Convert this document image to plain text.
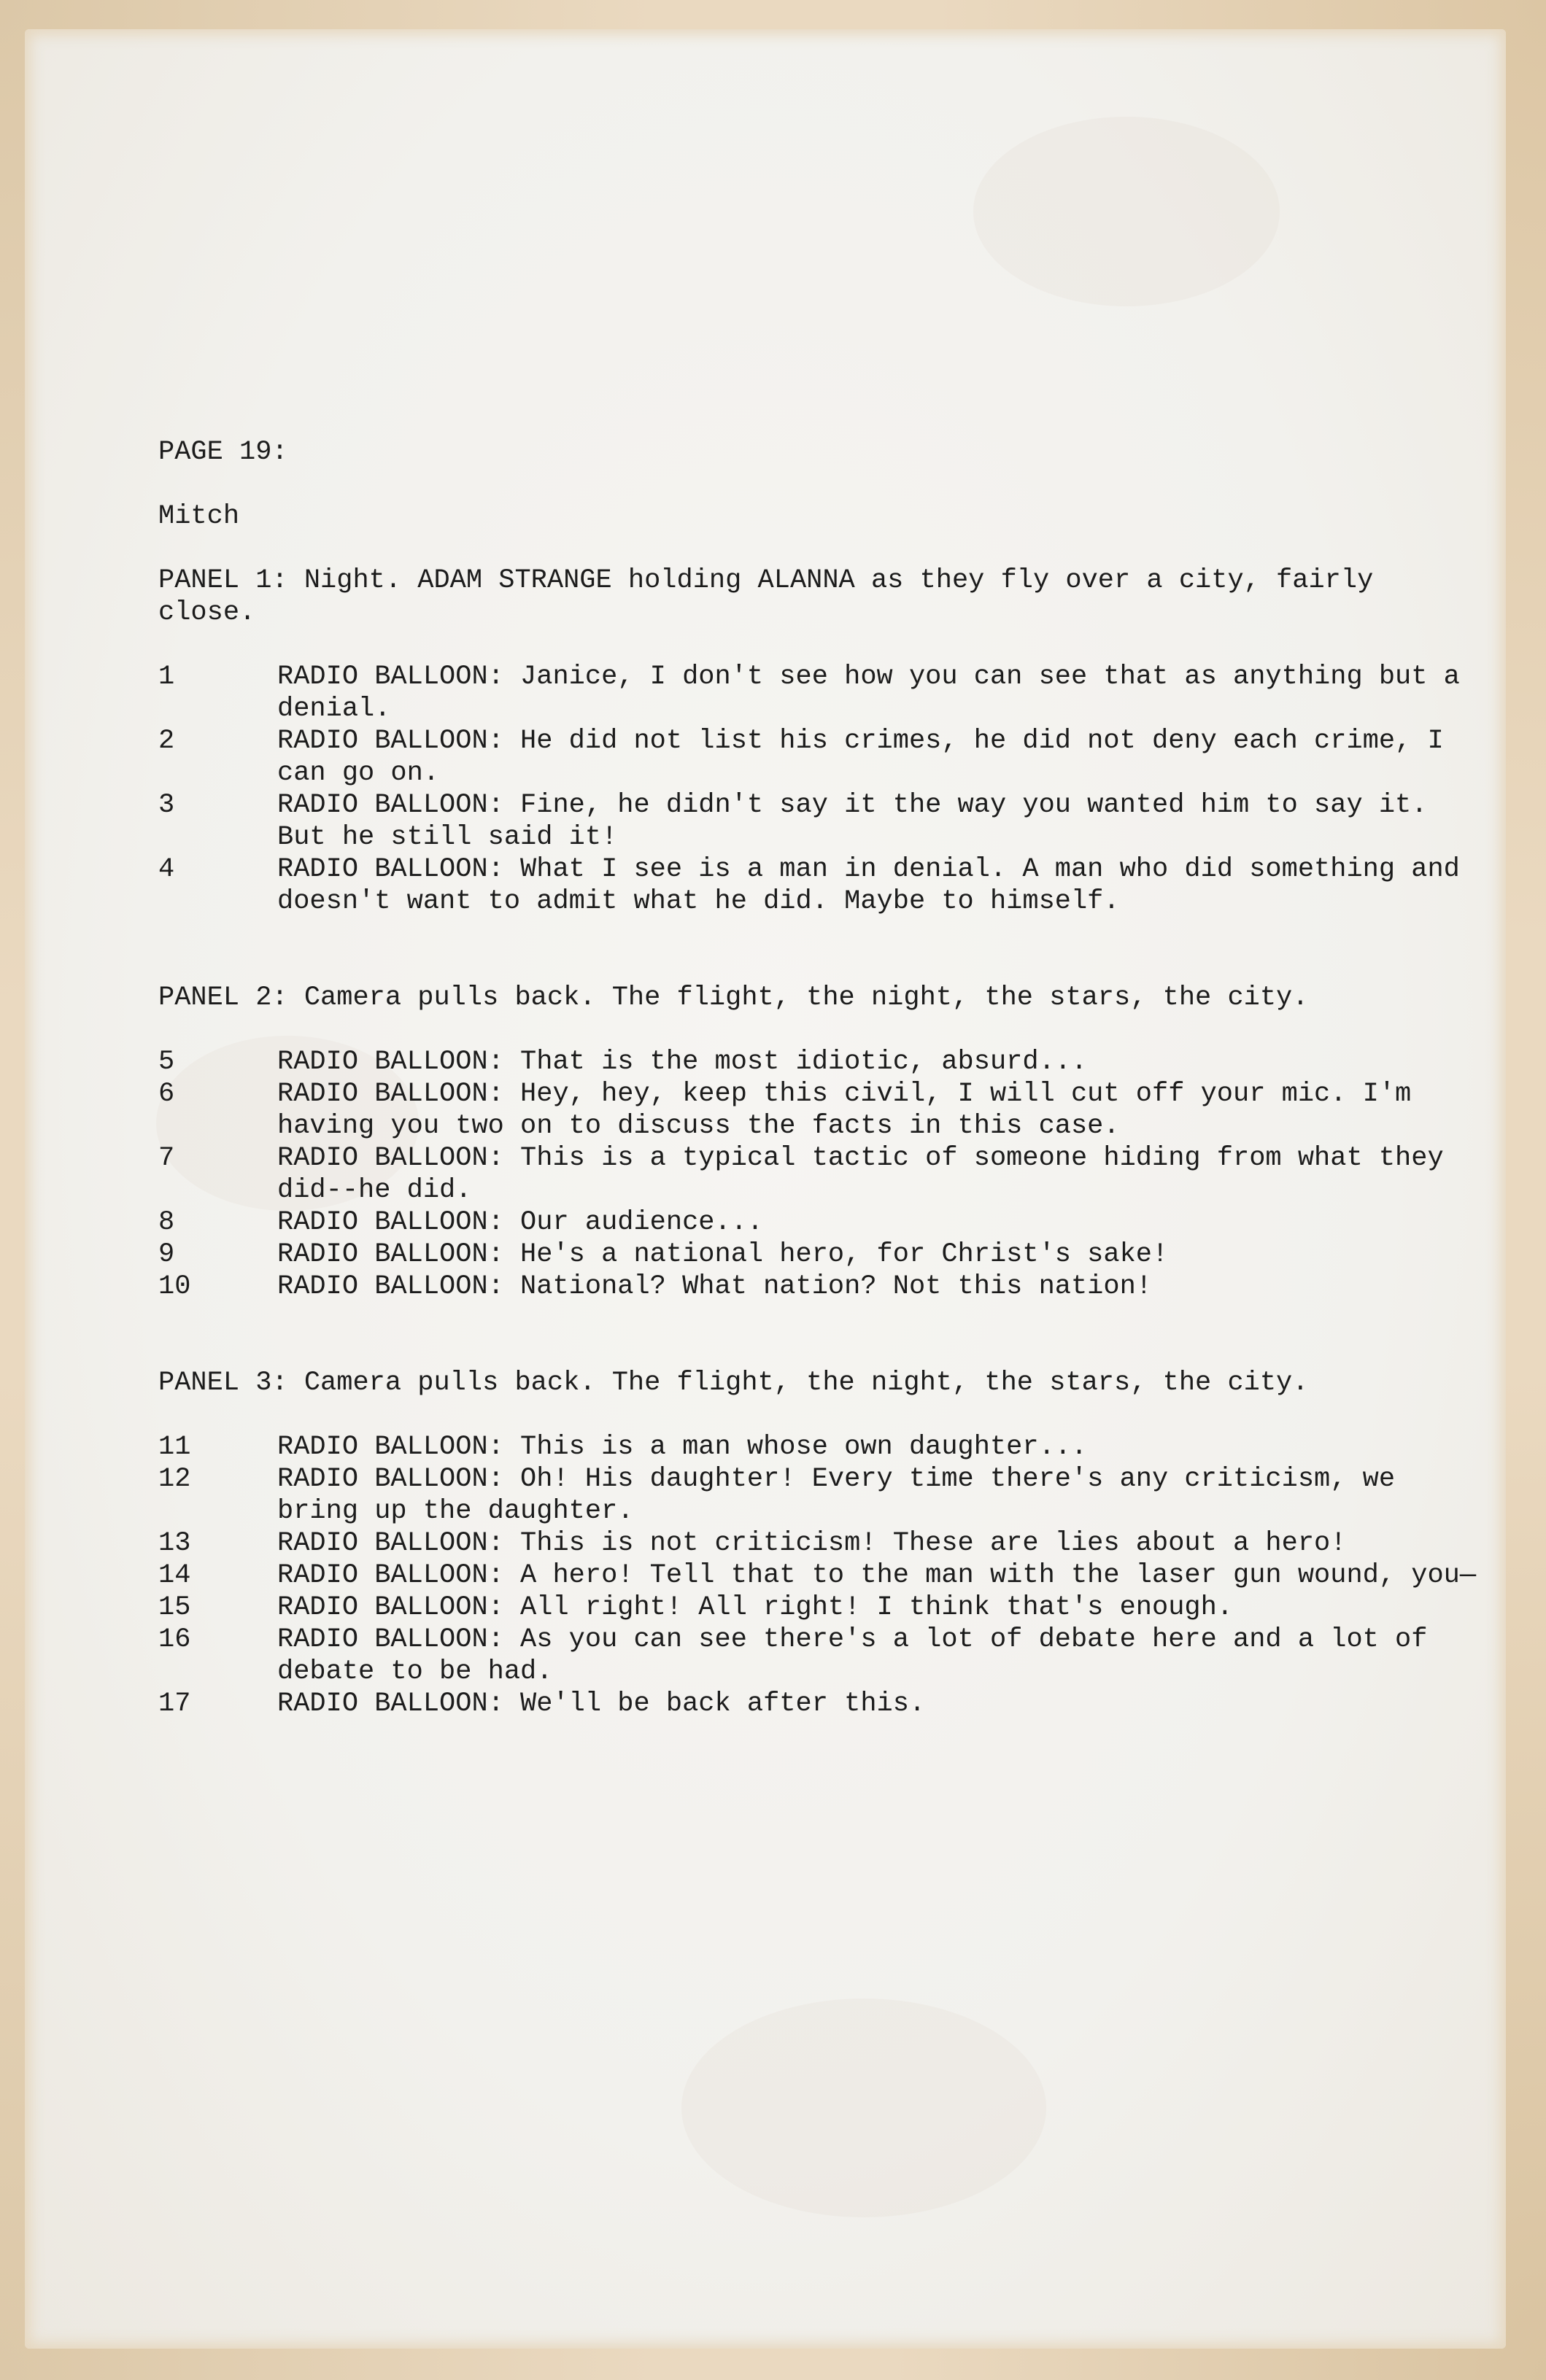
PAGE 19:

Mitch

PANEL 1: Night. ADAM STRANGE holding ALANNA as they fly over a city, fairly close.

1	RADIO BALLOON: Janice, I don't see how you can see that as anything but a denial.
2	RADIO BALLOON: He did not list his crimes, he did not deny each crime, I can go on.
3	RADIO BALLOON: Fine, he didn't say it the way you wanted him to say it. But he still said it!
4	RADIO BALLOON: What I see is a man in denial. A man who did something and doesn't want to admit what he did. Maybe to himself.

PANEL 2: Camera pulls back. The flight, the night, the stars, the city.

5	RADIO BALLOON: That is the most idiotic, absurd...
6	RADIO BALLOON: Hey, hey, keep this civil, I will cut off your mic. I'm having you two on to discuss the facts in this case.
7	RADIO BALLOON: This is a typical tactic of someone hiding from what they did--he did.
8	RADIO BALLOON: Our audience...
9	RADIO BALLOON: He's a national hero, for Christ's sake!
10	RADIO BALLOON: National? What nation? Not this nation!

PANEL 3: Camera pulls back. The flight, the night, the stars, the city.

11	RADIO BALLOON: This is a man whose own daughter...
12	RADIO BALLOON: Oh! His daughter! Every time there's any criticism, we bring up the daughter.
13	RADIO BALLOON: This is not criticism! These are lies about a hero!
14	RADIO BALLOON: A hero! Tell that to the man with the laser gun wound, you—
15	RADIO BALLOON: All right! All right! I think that's enough.
16	RADIO BALLOON: As you can see there's a lot of debate here and a lot of debate to be had.
17	RADIO BALLOON: We'll be back after this.
